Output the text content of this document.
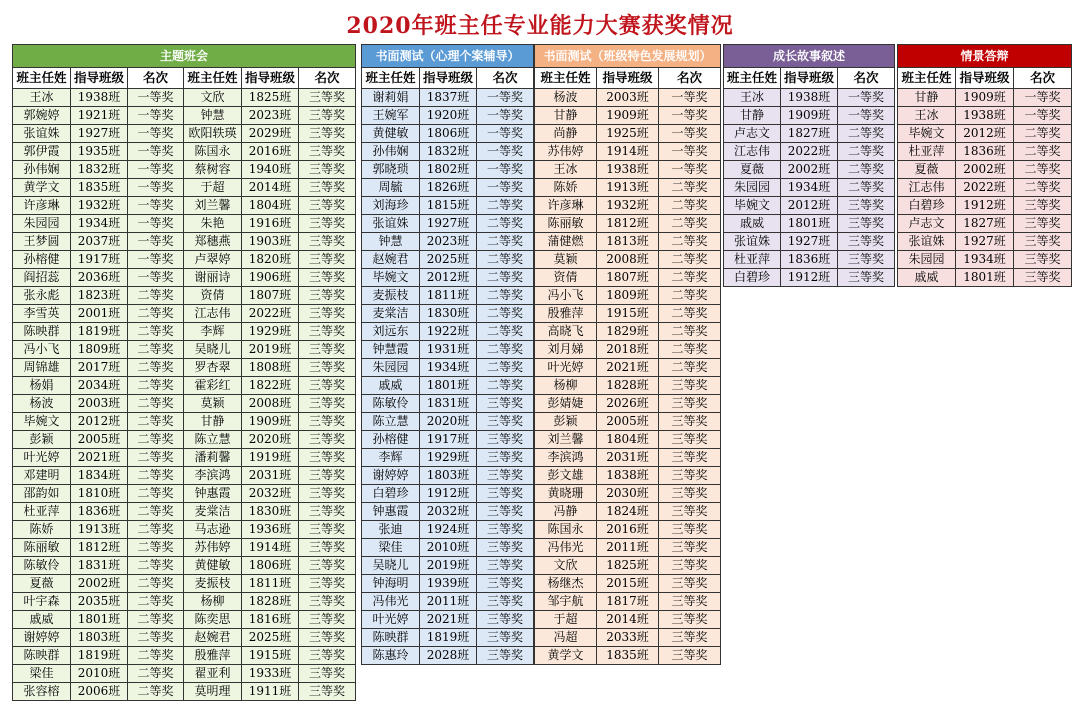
2020年班主任专业能力大赛获奖情况
主题班会					
班主任姓	指导班级	名次	班主任姓	指导班级	名次
王冰	1938班	一等奖	文欣	1825班	三等奖
郭婉婷	1921班	一等奖	钟慧	2023班	三等奖
张谊姝	1927班	一等奖	欧阳轶瑛	2029班	三等奖
郭伊霞	1935班	一等奖	陈国永	2016班	三等奖
孙伟娴	1832班	一等奖	蔡树容	1940班	三等奖
黄学文	1835班	一等奖	于超	2014班	三等奖
许彦琳	1932班	一等奖	刘兰馨	1804班	三等奖
朱园园	1934班	一等奖	朱艳	1916班	三等奖
王梦圆	2037班	一等奖	郑穗燕	1903班	三等奖
孙榕健	1917班	一等奖	卢翠婷	1820班	三等奖
阎招蕊	2036班	一等奖	谢丽诗	1906班	三等奖
张永彪	1823班	二等奖	资倩	1807班	三等奖
李雪英	2001班	二等奖	江志伟	2022班	三等奖
陈映群	1819班	二等奖	李辉	1929班	三等奖
冯小飞	1809班	二等奖	吴晓儿	2019班	三等奖
周锦雄	2017班	二等奖	罗杏翠	1808班	三等奖
杨娟	2034班	二等奖	霍彩红	1822班	三等奖
杨波	2003班	二等奖	莫颖	2008班	三等奖
毕婉文	2012班	二等奖	甘静	1909班	三等奖
彭颖	2005班	二等奖	陈立慧	2020班	三等奖
叶光婷	2021班	二等奖	潘莉馨	1919班	三等奖
邓建明	1834班	二等奖	李滨鸿	2031班	三等奖
邵韵如	1810班	二等奖	钟惠霞	2032班	三等奖
杜亚萍	1836班	二等奖	麦棠洁	1830班	三等奖
陈娇	1913班	二等奖	马志逊	1936班	三等奖
陈丽敏	1812班	二等奖	苏伟婷	1914班	三等奖
陈敏伶	1831班	二等奖	黄健敏	1806班	三等奖
夏薇	2002班	二等奖	麦振枝	1811班	三等奖
叶宇森	2035班	二等奖	杨柳	1828班	三等奖
戚威	1801班	二等奖	陈奕思	1816班	三等奖
谢婷婷	1803班	二等奖	赵婉君	2025班	三等奖
陈映群	1819班	二等奖	殷雅萍	1915班	三等奖
梁佳	2010班	二等奖	翟亚利	1933班	三等奖
张容榕	2006班	二等奖	莫明理	1911班	三等奖
书面测试（心理个案辅导）		
班主任姓	指导班级	名次
谢莉娟	1837班	一等奖
王婉军	1920班	一等奖
黄健敏	1806班	一等奖
孙伟娴	1832班	一等奖
郭晓琐	1802班	一等奖
周毓	1826班	一等奖
刘海珍	1815班	二等奖
张谊姝	1927班	二等奖
钟慧	2023班	二等奖
赵婉君	2025班	二等奖
毕婉文	2012班	二等奖
麦振枝	1811班	二等奖
麦棠洁	1830班	二等奖
刘远东	1922班	二等奖
钟慧霞	1931班	二等奖
朱园园	1934班	二等奖
戚威	1801班	二等奖
陈敏伶	1831班	三等奖
陈立慧	2020班	三等奖
孙榕健	1917班	三等奖
李辉	1929班	三等奖
谢婷婷	1803班	三等奖
白碧珍	1912班	三等奖
钟惠霞	2032班	三等奖
张迪	1924班	三等奖
梁佳	2010班	三等奖
吴晓儿	2019班	三等奖
钟海明	1939班	三等奖
冯伟光	2011班	三等奖
叶光婷	2021班	三等奖
陈映群	1819班	三等奖
陈惠玲	2028班	三等奖
书面测试（班级特色发展规划）		
班主任姓	指导班级	名次
杨波	2003班	一等奖
甘静	1909班	一等奖
尚静	1925班	一等奖
苏伟婷	1914班	一等奖
王冰	1938班	一等奖
陈娇	1913班	二等奖
许彦琳	1932班	二等奖
陈丽敏	1812班	二等奖
蒲健燃	1813班	二等奖
莫颖	2008班	二等奖
资倩	1807班	二等奖
冯小飞	1809班	二等奖
殷雅萍	1915班	二等奖
高晓飞	1829班	二等奖
刘月娣	2018班	二等奖
叶光婷	2021班	二等奖
杨柳	1828班	三等奖
彭婧婕	2026班	三等奖
彭颖	2005班	三等奖
刘兰馨	1804班	三等奖
李滨鸿	2031班	三等奖
彭文雄	1838班	三等奖
黄晓珊	2030班	三等奖
冯静	1824班	三等奖
陈国永	2016班	三等奖
冯伟光	2011班	三等奖
文欣	1825班	三等奖
杨继杰	2015班	三等奖
邹宇航	1817班	三等奖
于超	2014班	三等奖
冯超	2033班	三等奖
黄学文	1835班	三等奖
成长故事叙述		
班主任姓	指导班级	名次
王冰	1938班	一等奖
甘静	1909班	一等奖
卢志文	1827班	二等奖
江志伟	2022班	二等奖
夏薇	2002班	二等奖
朱园园	1934班	二等奖
毕婉文	2012班	三等奖
戚威	1801班	三等奖
张谊姝	1927班	三等奖
杜亚萍	1836班	三等奖
白碧珍	1912班	三等奖
情景答辩		
班主任姓	指导班级	名次
甘静	1909班	一等奖
王冰	1938班	一等奖
毕婉文	2012班	二等奖
杜亚萍	1836班	二等奖
夏薇	2002班	二等奖
江志伟	2022班	二等奖
白碧珍	1912班	三等奖
卢志文	1827班	三等奖
张谊姝	1927班	三等奖
朱园园	1934班	三等奖
戚威	1801班	三等奖
